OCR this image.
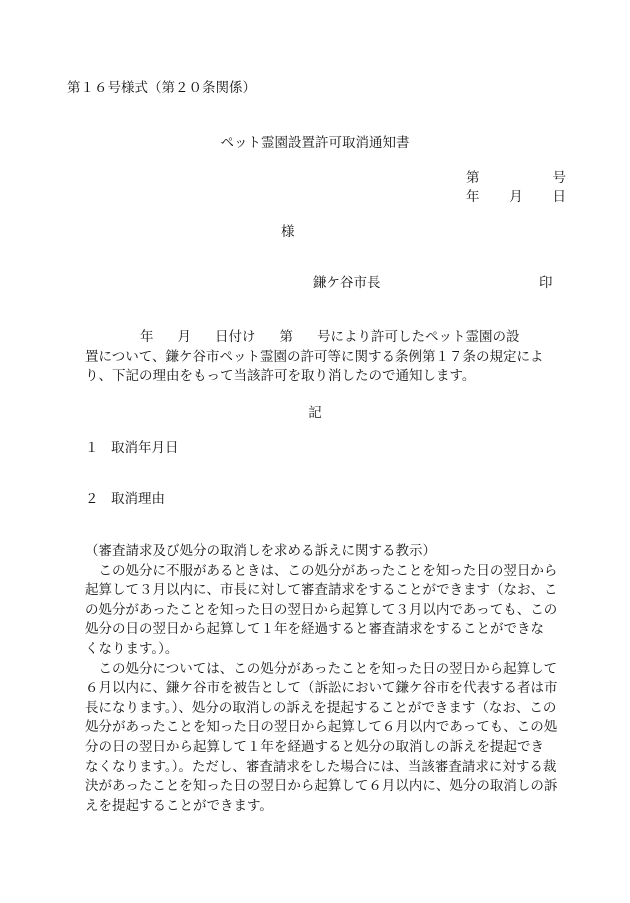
第１６号様式（第２０条関係）
ペット霊園設置許可取消通知書
第	号
年 月 日
様
鎌ケ谷市長	印
年 月 日付け 第 号により許可したペット霊園の設
置について、鎌ケ谷市ペット霊園の許可等に関する条例第１７条の規定によ
り、下記の理由をもって当該許可を取り消したので通知します。
記
１ 取消年月日
２ 取消理由
（審査請求及び処分の取消しを求める訴えに関する教示）
　この処分に不服があるときは、この処分があったことを知った日の翌日から
起算して３月以内に、市長に対して審査請求をすることができます（なお、こ
の処分があったことを知った日の翌日から起算して３月以内であっても、この
処分の日の翌日から起算して１年を経過すると審査請求をすることができな
くなります。）。
　この処分については、この処分があったことを知った日の翌日から起算して
６月以内に、鎌ケ谷市を被告として（訴訟において鎌ケ谷市を代表する者は市
長になります。）、処分の取消しの訴えを提起することができます（なお、この
処分があったことを知った日の翌日から起算して６月以内であっても、この処
分の日の翌日から起算して１年を経過すると処分の取消しの訴えを提起でき
なくなります。）。ただし、審査請求をした場合には、当該審査請求に対する裁
決があったことを知った日の翌日から起算して６月以内に、処分の取消しの訴
えを提起することができます。
